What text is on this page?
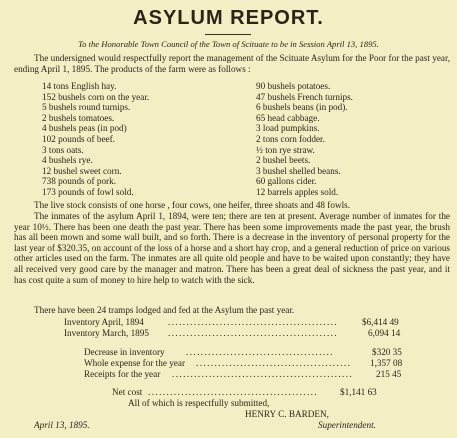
ASYLUM REPORT.
To the Honorable Town Council of the Town of Scituate to be in Session April 13, 1895.
The undersigned would respectfully report the management of the Scituate Asylum for the Poor for the past year, ending April 1, 1895. The products of the farm were as follows :
14 tons English hay.
152 bushels corn on the year.
5 bushels round turnips.
2 bushels tomatoes.
4 bushels peas (in pod)
102 pounds of beef.
3 tons oats.
4 bushels rye.
12 bushel sweet corn.
738 pounds of pork.
173 pounds of fowl sold.
90 bushels potatoes.
47 bushels French turnips.
6 bushels beans (in pod).
65 head cabbage.
3 load pumpkins.
2 tons corn fodder.
½ ton rye straw.
2 bushel beets.
3 bushel shelled beans.
60 gallons cider.
12 barrels apples sold.
The live stock consists of one horse , four cows, one heifer, three shoats and 48 fowls.
The inmates of the asylum April 1, 1894, were ten; there are ten at present. Average number of inmates for the year 10½. There has been one death the past year. There has been some improvements made the past year, the brush has all been mown and some wall built, and so forth. There is a decrease in the inventory of personal property for the last year of $320.35, on account of the loss of a horse and a short hay crop, and a general reduction of price on various other articles used on the farm. The inmates are all quite old people and have to be waited upon constantly; they have all received very good care by the manager and matron. There has been a great deal of sickness the past year, and it has cost quite a sum of money to hire help to watch with the sick.
There have been 24 tramps lodged and fed at the Asylum the past year.
Inventory April, 1894	..............................................	$6,414 49
Inventory March, 1895 ..............................................	6,094 14
Decrease in inventory ........................................	$320 35
Whole expense for the year ..........................................	1,357 08
Receipts for the year .................................................	215 45
Net cost ..............................................	$1,141 63
All of which is respectfully submitted,
HENRY C. BARDEN,
April 13, 1895.	Superintendent.
